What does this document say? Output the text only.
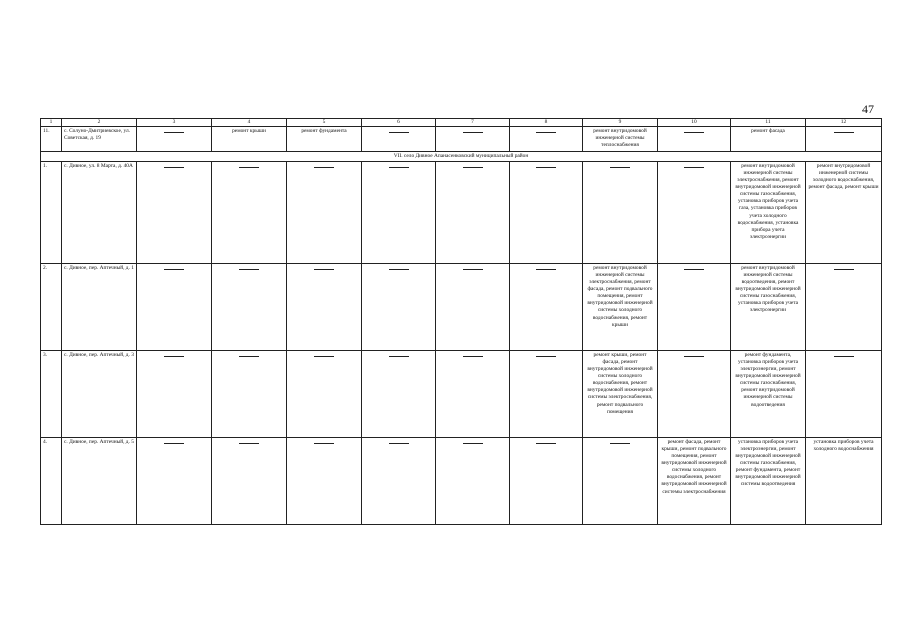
47
1	2	3	4	5	6	7	8	9	10	11	12
11.	с. Солуно-Дмитриевское, ул. Советская, д. 19		ремонт крыши	ремонт фундамента				ремонт внутридомовой инженерной системы теплоснабжения		ремонт фасада	
VII. село Дивное Апанасенковский муниципальный район											
1.	с. Дивное, ул. 8 Марта, д. 40А									ремонт внутридомовой инженерной системы электроснабжения, ремонт внутридомовой инженерной системы газоснабжения, установка приборов учета газа, установка приборов учета холодного водоснабжения, установка прибора учета электроэнергии	ремонт внутридомовой инженерной системы холодного водоснабжения, ремонт фасада, ремонт крыши
2.	с. Дивное, пер. Аптечный, д. 1							ремонт внутридомовой инженерной системы электроснабжения, ремонт фасада, ремонт подвального помещения, ремонт внутридомовой инженерной системы холодного водоснабжения, ремонт крыши		ремонт внутридомовой инженерной системы водоотведения, ремонт внутридомовой инженерной системы газоснабжения, установка приборов учета электроэнергии	
3.	с. Дивное, пер. Аптечный, д. 3							ремонт крыши, ремонт фасада, ремонт внутридомовой инженерной системы холодного водоснабжения, ремонт внутридомовой инженерной системы электроснабжения, ремонт подвального помещения		ремонт фундамента, установка приборов учета электроэнергии, ремонт внутридомовой инженерной системы газоснабжения, ремонт внутридомовой инженерной системы водоотведения	
4.	с. Дивное, пер. Аптечный, д. 5								ремонт фасада, ремонт крыши, ремонт подвального помещения, ремонт внутридомовой инженерной системы холодного водоснабжения, ремонт внутридомовой инженерной системы электроснабжения	установка приборов учета электроэнергии, ремонт внутридомовой инженерной системы газоснабжения, ремонт фундамента, ремонт внутридомовой инженерной системы водоотведения	установка приборов учета холодного водоснабжения
